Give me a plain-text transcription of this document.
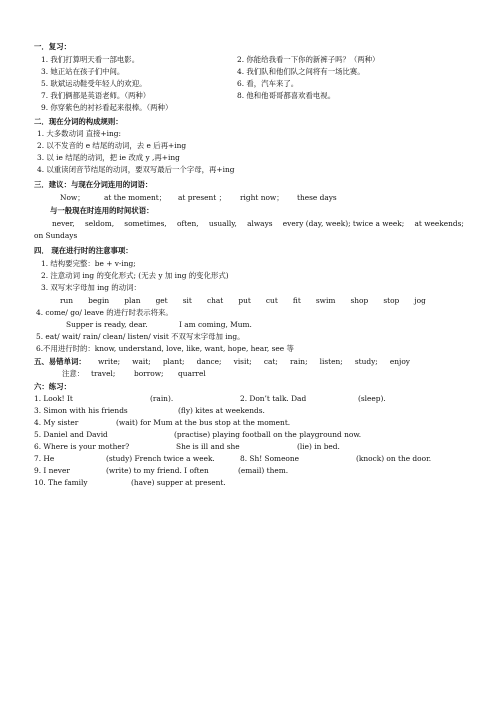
一．复习：
1. 我们打算明天看一部电影。	2. 你能给我看一下你的新裤子吗？（两种）
3. 她正站在孩子们中间。	4. 我们队和他们队之间将有一场比赛。
5. 耿斌运动鞋受年轻人的欢迎。	6. 看，汽车来了。
7. 我们俩都是英语老师。（两种）	8. 他和他哥哥都喜欢看电视。
9. 你穿紫色的衬衫看起来很棒。（两种）
二．现在分词的构成规则：
1. 大多数动词 直接+ing:
2. 以不发音的 e 结尾的动词，去 e 后再+ing
3. 以 ie 结尾的动词，把 ie 改成 y ,再+ing
4. 以重读闭音节结尾的动词，要双写最后一个字母，再+ing
三．建议：与现在分词连用的词语：
Now；	at the moment； at present ； right now； these days
与一般现在时连用的时间状语：
never, seldom, sometimes, often, usually, always every (day, week); twice a week; at weekends;
on Sundays
四． 现在进行时的注意事项：
1. 结构要完整：be + v-ing;
2. 注意动词 ing 的变化形式; (无去 y 加 ing 的变化形式)
3. 双写末字母加 ing 的动词：
run begin plan get sit chat put cut fit swim shop stop jog
4. come/ go/ leave 的进行时表示将来。
Supper is ready, dear.	I am coming, Mum.
5. eat/ wait/ rain/ clean/ listen/ visit 不双写末字母加 ing。
6.不用进行时的：know, understand, love, like, want, hope, hear, see 等
五、易错单词： write; wait; plant; dance; visit; cat; rain; listen; study; enjoy
注意： travel;	borrow; quarrel
六：练习：
1. Look! It	(rain).	2. Don’t talk. Dad	(sleep).
3. Simon with his friends	(fly) kites at weekends.
4. My sister	(wait) for Mum at the bus stop at the moment.
5. Daniel and David	(practise) playing football on the playground now.
6. Where is your mother?	She is ill and she	(lie) in bed.
7. He	(study) French twice a week.	8. Sh! Someone	(knock) on the door.
9. I never	(write) to my friend. I often	(email) them.
10. The family	(have) supper at present.
